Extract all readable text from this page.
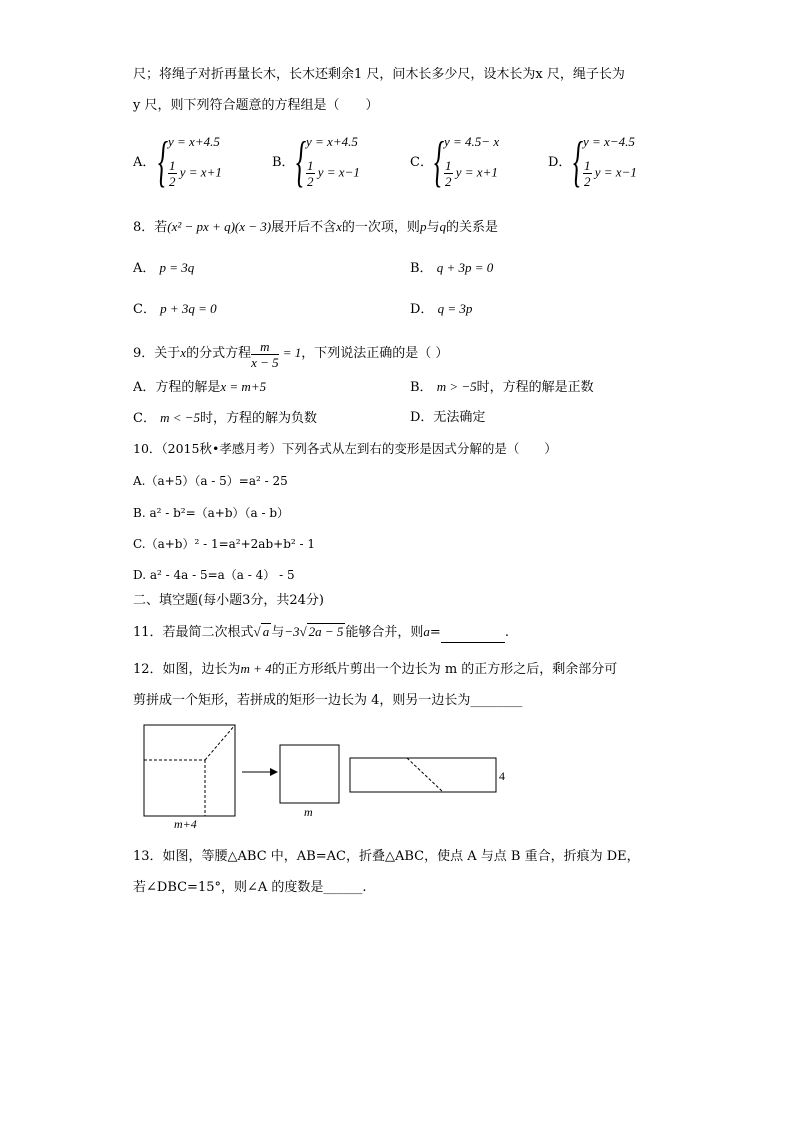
尺；将绳子对折再量长木，长木还剩余1 尺，问木长多少尺，设木长为x 尺，绳子长为
y 尺，则下列符合题意的方程组是（　　）
A． { y = x+4.5
$\frac{1}{2}$ y = x+1
B． { y = x+4.5
$\frac{1}{2}$ y = x−1
C． { y = 4.5− x
$\frac{1}{2}$ y = x+1
D． { y = x−4.5
$\frac{1}{2}$ y = x−1
8．若(x² − px + q)(x − 3)展开后不含x的一次项，则p与q的关系是
A． p = 3q	B． q + 3p = 0
C． p + 3q = 0	D． q = 3p
9．关于x的分式方程 $\frac{m}{x - 5} = 1$，下列说法正确的是（ ）
A．方程的解是x = m+5	B． m > −5时，方程的解是正数
C． m < −5时，方程的解为负数	D．无法确定
10．（2015秋•孝感月考）下列各式从左到右的变形是因式分解的是（　　）
A.（a+5）（a - 5）=a² - 25
B. a² - b²=（a+b）（a - b）
C.（a+b）² - 1=a²+2ab+b² - 1
D. a² - 4a - 5=a（a - 4） - 5
二、填空题(每小题3分，共24分)
11．若最简二次根式√ a 与−3√ 2a − 5 能够合并，则a=	.
12．如图，边长为m + 4的正方形纸片剪出一个边长为 m 的正方形之后，剩余部分可
剪拼成一个矩形，若拼成的矩形一边长为 4，则另一边长为________
m+4
m
4
13．如图，等腰△ABC 中，AB=AC，折叠△ABC，使点 A 与点 B 重合，折痕为 DE，
若∠DBC=15°，则∠A 的度数是______.
